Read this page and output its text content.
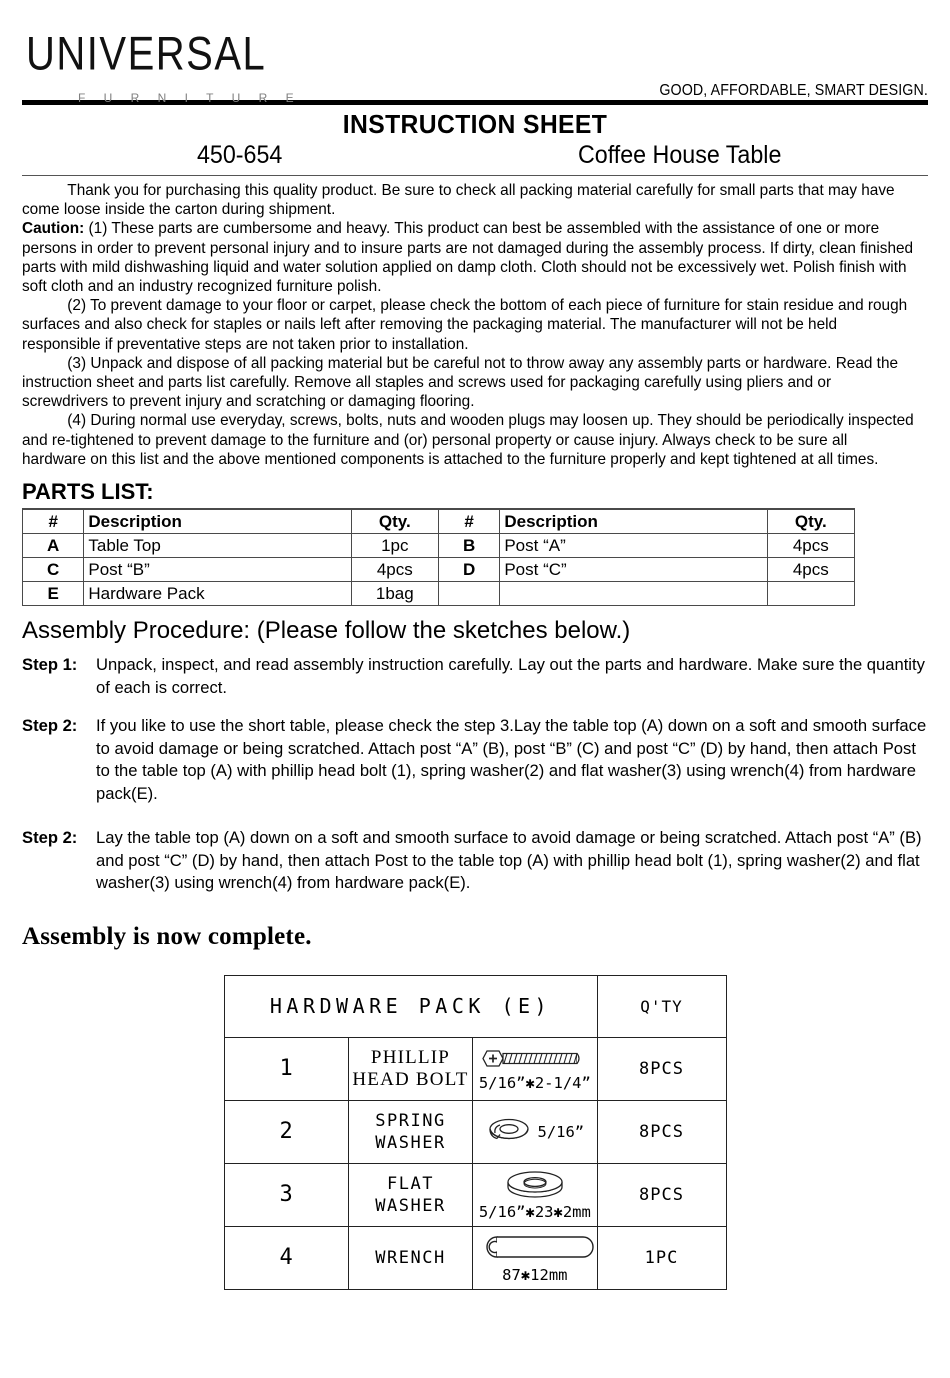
UNIVERSAL
F U R N I T U R E	GOOD, AFFORDABLE, SMART DESIGN.
INSTRUCTION SHEET
450-654	Coffee House Table

Thank you for purchasing this quality product. Be sure to check all packing material carefully for small parts that may have come loose inside the carton during shipment.

Caution: (1) These parts are cumbersome and heavy. This product can best be assembled with the assistance of one or more persons in order to prevent personal injury and to insure parts are not damaged during the assembly process. If dirty, clean finished parts with mild dishwashing liquid and water solution applied on damp cloth. Cloth should not be excessively wet. Polish finish with soft cloth and an industry recognized furniture polish.

(2) To prevent damage to your floor or carpet, please check the bottom of each piece of furniture for stain residue and rough surfaces and also check for staples or nails left after removing the packaging material. The manufacturer will not be held responsible if preventative steps are not taken prior to installation.

(3) Unpack and dispose of all packing material but be careful not to throw away any assembly parts or hardware. Read the instruction sheet and parts list carefully. Remove all staples and screws used for packaging carefully using pliers and or screwdrivers to prevent injury and scratching or damaging flooring.

(4) During normal use everyday, screws, bolts, nuts and wooden plugs may loosen up. They should be periodically inspected and re-tightened to prevent damage to the furniture and (or) personal property or cause injury. Always check to be sure all hardware on this list and the above mentioned components is attached to the furniture properly and kept tightened at all times.

PARTS LIST:
#	Description	Qty.	#	Description	Qty.
A	Table Top	1pc	B	Post “A”	4pcs
C	Post “B”	4pcs	D	Post “C”	4pcs
E	Hardware Pack	1bag			
Assembly Procedure: (Please follow the sketches below.)
Step 1: Unpack, inspect, and read assembly instruction carefully. Lay out the parts and hardware. Make sure the quantity of each is correct.
Step 2: If you like to use the short table, please check the step 3.Lay the table top (A) down on a soft and smooth surface to avoid damage or being scratched. Attach post “A” (B), post “B” (C) and post “C” (D) by hand, then attach Post to the table top (A) with phillip head bolt (1), spring washer(2) and flat washer(3) using wrench(4) from hardware pack(E).
Step 2: Lay the table top (A) down on a soft and smooth surface to avoid damage or being scratched. Attach post “A” (B) and post “C” (D) by hand, then attach Post to the table top (A) with phillip head bolt (1), spring washer(2) and flat washer(3) using wrench(4) from hardware pack(E).
Assembly is now complete.
HARDWARE PACK (E)			Q'TY
1	PHILLIP
HEAD BOLT	5/16”✱2-1/4”	8PCS
2	SPRING
WASHER	5/16”	8PCS
3	FLAT
WASHER	5/16”✱23✱2mm	8PCS
4	WRENCH	87✱12mm	1PC
